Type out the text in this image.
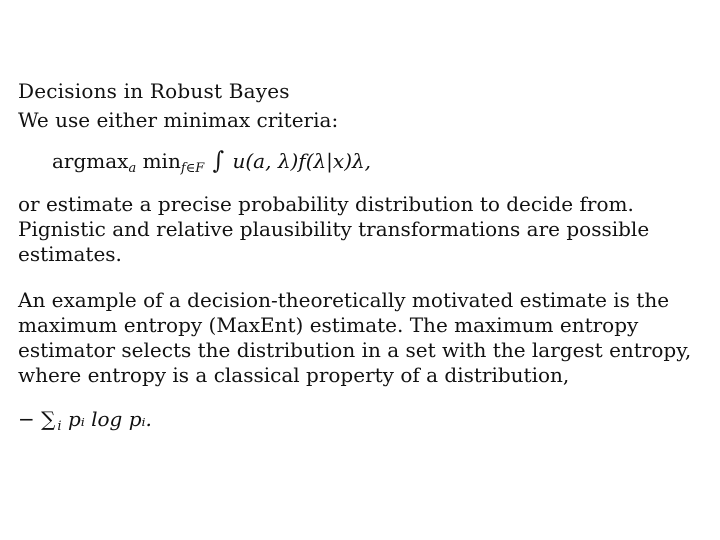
Decisions in Robust Bayes
We use either minimax criteria:
argmax$_a$ $\min_{f\in F}$ ∫ u(a, λ)f(λ|x)λ,
or estimate a precise probability distribution to decide from.
Pignistic and relative plausibility transformations are possible
estimates.
An example of a decision-theoretically motivated estimate is the
maximum entropy (MaxEnt) estimate. The maximum entropy
estimator selects the distribution in a set with the largest entropy,
where entropy is a classical property of a distribution,
− ∑ $_i$ pᵢ log pᵢ.
